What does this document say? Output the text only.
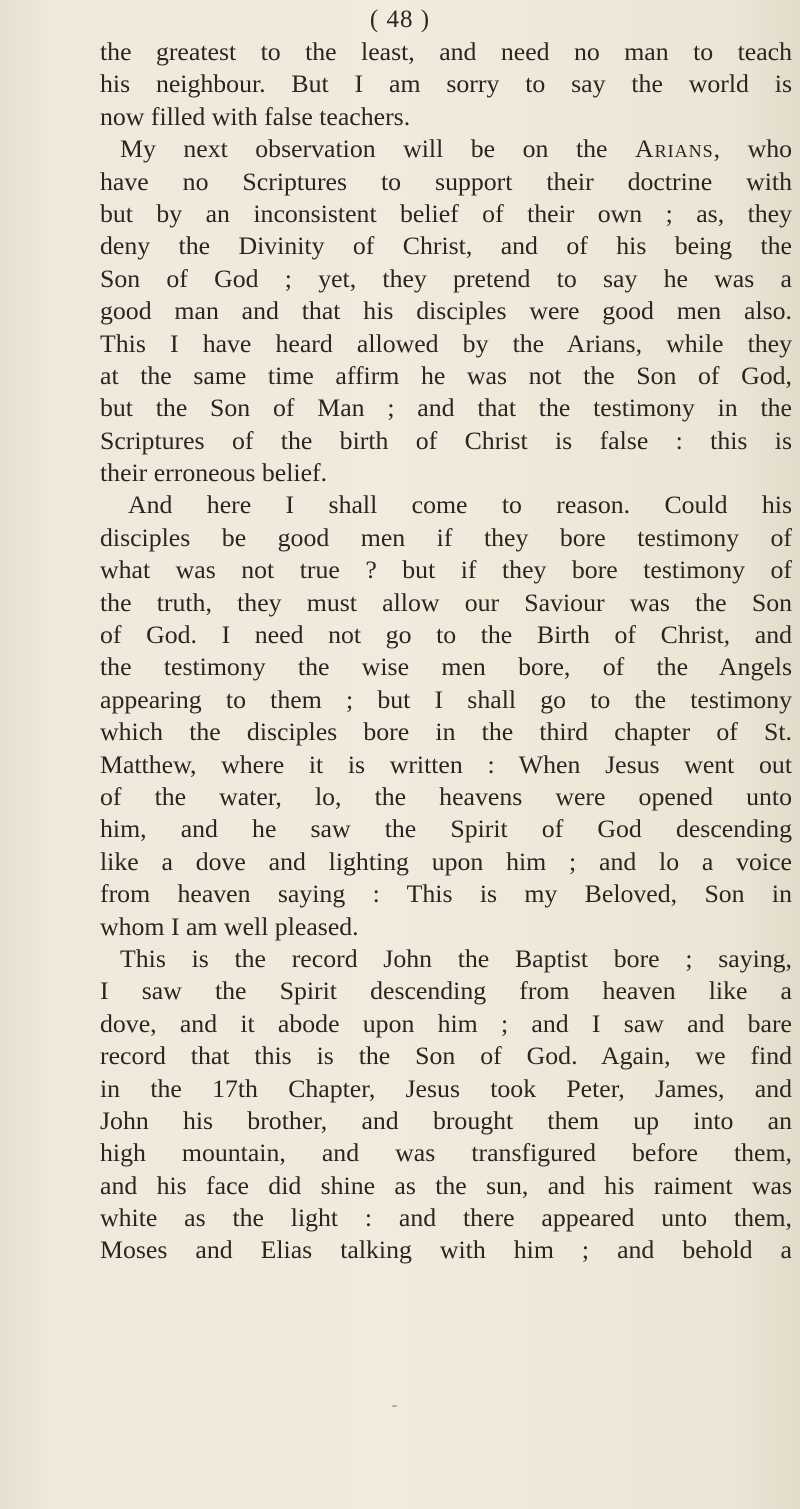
( 48 )
the greatest to the least, and need no man to teach
his neighbour. But I am sorry to say the world is
now filled with false teachers.
My next observation will be on the Arians, who
have no Scriptures to support their doctrine with
but by an inconsistent belief of their own ; as, they
deny the Divinity of Christ, and of his being the
Son of God ; yet, they pretend to say he was a
good man and that his disciples were good men also.
This I have heard allowed by the Arians, while they
at the same time affirm he was not the Son of God,
but the Son of Man ; and that the testimony in the
Scriptures of the birth of Christ is false : this is
their erroneous belief.
And here I shall come to reason. Could his
disciples be good men if they bore testimony of
what was not true ? but if they bore testimony of
the truth, they must allow our Saviour was the Son
of God. I need not go to the Birth of Christ, and
the testimony the wise men bore, of the Angels
appearing to them ; but I shall go to the testimony
which the disciples bore in the third chapter of St.
Matthew, where it is written : When Jesus went out
of the water, lo, the heavens were opened unto
him, and he saw the Spirit of God descending
like a dove and lighting upon him ; and lo a voice
from heaven saying : This is my Beloved, Son in
whom I am well pleased.
This is the record John the Baptist bore ; saying,
I saw the Spirit descending from heaven like a
dove, and it abode upon him ; and I saw and bare
record that this is the Son of God. Again, we find
in the 17th Chapter, Jesus took Peter, James, and
John his brother, and brought them up into an
high mountain, and was transfigured before them,
and his face did shine as the sun, and his raiment was
white as the light : and there appeared unto them,
Moses and Elias talking with him ; and behold a
